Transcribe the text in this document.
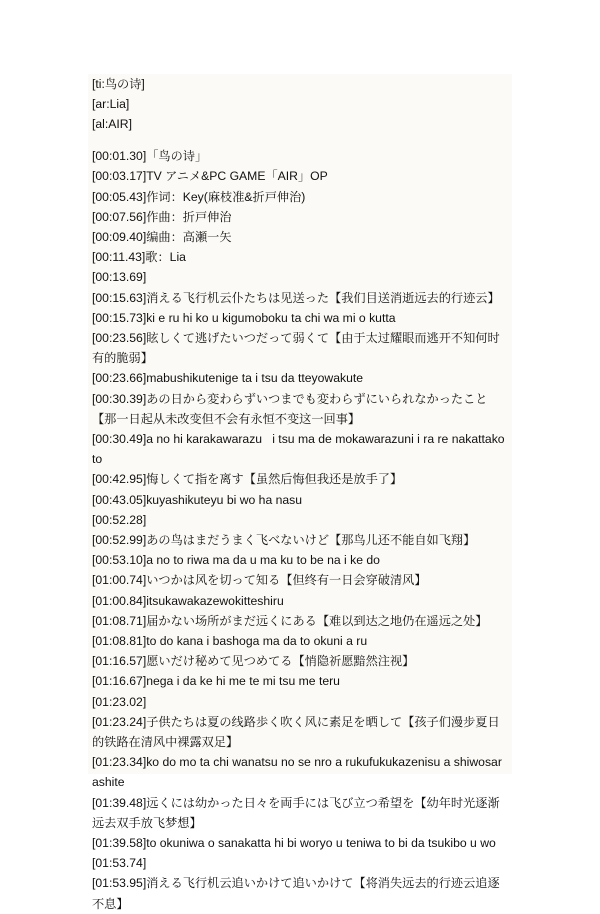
[ti:鸟の诗]
[ar:Lia]
[al:AIR]
[00:01.30]「鸟の诗」
[00:03.17]TV アニメ&PC GAME「AIR」OP
[00:05.43]作词：Key(麻枝准&折戸伸治)
[00:07.56]作曲：折戸伸治
[00:09.40]编曲：高瀬一矢
[00:11.43]歌：Lia
[00:13.69]
[00:15.63]消える飞行机云仆たちは见送った【我们目送消逝远去的行迹云】
[00:15.73]ki e ru hi ko u kigumoboku ta chi wa mi o kutta
[00:23.56]眩しくて逃げたいつだって弱くて【由于太过耀眼而逃开不知何时有的脆弱】
[00:23.66]mabushikutenige ta i tsu da tteyowakute
[00:30.39]あの日から変わらずいつまでも変わらずにいられなかったこと【那一日起从未改变但不会有永恒不变这一回事】
[00:30.49]a no hi karakawarazu   i tsu ma de mokawarazuni i ra re nakattako to
[00:42.95]悔しくて指を离す【虽然后悔但我还是放手了】
[00:43.05]kuyashikuteyu bi wo ha nasu
[00:52.28]
[00:52.99]あの鸟はまだうまく飞べないけど【那鸟儿还不能自如飞翔】
[00:53.10]a no to riwa ma da u ma ku to be na i ke do
[01:00.74]いつかは风を切って知る【但终有一日会穿破清风】
[01:00.84]itsukawakazewokitteshiru
[01:08.71]届かない场所がまだ远くにある【难以到达之地仍在遥远之处】
[01:08.81]to do kana i bashoga ma da to okuni a ru
[01:16.57]愿いだけ秘めて见つめてる【悄隐祈愿黯然注视】
[01:16.67]nega i da ke hi me te mi tsu me teru
[01:23.02]
[01:23.24]子供たちは夏の线路歩く吹く风に素足を晒して【孩子们漫步夏日的铁路在清风中裸露双足】
[01:23.34]ko do mo ta chi wanatsu no se nro a rukufukukazenisu a shiwosarashite
[01:39.48]远くには幼かった日々を両手には飞び立つ希望を【幼年时光逐渐远去双手放飞梦想】
[01:39.58]to okuniwa o sanakatta hi bi woryo u teniwa to bi da tsukibo u wo
[01:53.74]
[01:53.95]消える飞行机云追いかけて追いかけて【将消失远去的行迹云追逐不息】
